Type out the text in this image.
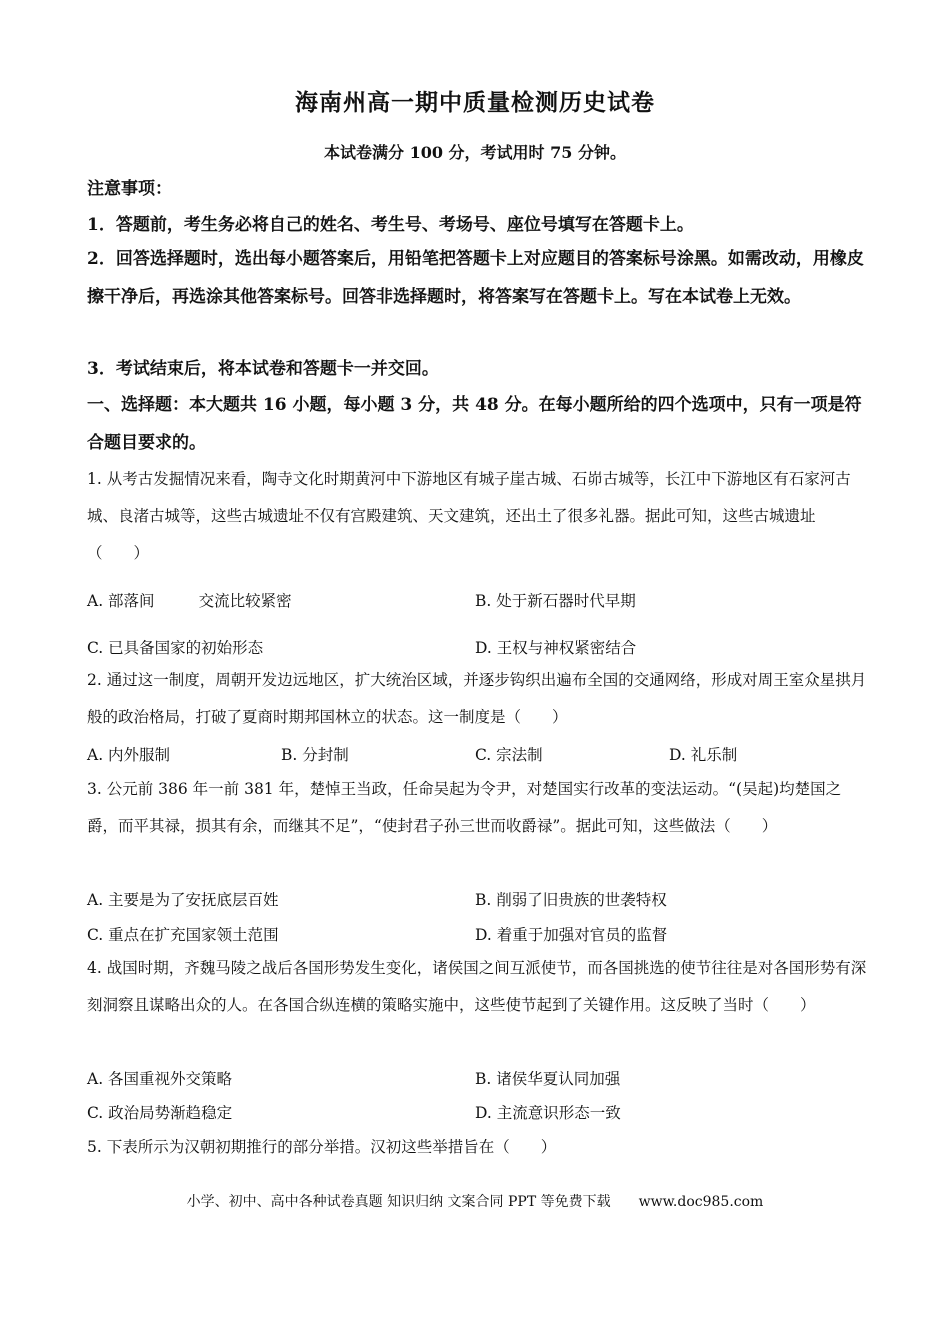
海南州高一期中质量检测历史试卷
本试卷满分 100 分，考试用时 75 分钟。
注意事项：
1．答题前，考生务必将自己的姓名、考生号、考场号、座位号填写在答题卡上。
2．回答选择题时，选出每小题答案后，用铅笔把答题卡上对应题目的答案标号涂黑。如需改动，用橡皮擦干净后，再选涂其他答案标号。回答非选择题时，将答案写在答题卡上。写在本试卷上无效。
3．考试结束后，将本试卷和答题卡一并交回。
一、选择题：本大题共 16 小题，每小题 3 分，共 48 分。在每小题所给的四个选项中，只有一项是符合题目要求的。
1. 从考古发掘情况来看，陶寺文化时期黄河中下游地区有城子崖古城、石峁古城等，长江中下游地区有石家河古城、良渚古城等，这些古城遗址不仅有宫殿建筑、天文建筑，还出土了很多礼器。据此可知，这些古城遗址（　　）
A. 部落间	交流比较紧密	B. 处于新石器时代早期
C. 已具备国家的初始形态	D. 王权与神权紧密结合
2. 通过这一制度，周朝开发边远地区，扩大统治区域，并逐步钩织出遍布全国的交通网络，形成对周王室众星拱月般的政治格局，打破了夏商时期邦国林立的状态。这一制度是（　　）
A. 内外服制	B. 分封制	C. 宗法制	D. 礼乐制
3. 公元前 386 年一前 381 年，楚悼王当政，任命吴起为令尹，对楚国实行改革的变法运动。“(吴起)均楚国之爵，而平其禄，损其有余，而继其不足”，“使封君子孙三世而收爵禄”。据此可知，这些做法（　　）
A. 主要是为了安抚底层百姓	B. 削弱了旧贵族的世袭特权
C. 重点在扩充国家领土范围	D. 着重于加强对官员的监督
4. 战国时期，齐魏马陵之战后各国形势发生变化，诸侯国之间互派使节，而各国挑选的使节往往是对各国形势有深刻洞察且谋略出众的人。在各国合纵连横的策略实施中，这些使节起到了关键作用。这反映了当时（　　）
A. 各国重视外交策略	B. 诸侯华夏认同加强
C. 政治局势渐趋稳定	D. 主流意识形态一致
5. 下表所示为汉朝初期推行的部分举措。汉初这些举措旨在（　　）
小学、初中、高中各种试卷真题 知识归纳 文案合同 PPT 等免费下载 www.doc985.com
